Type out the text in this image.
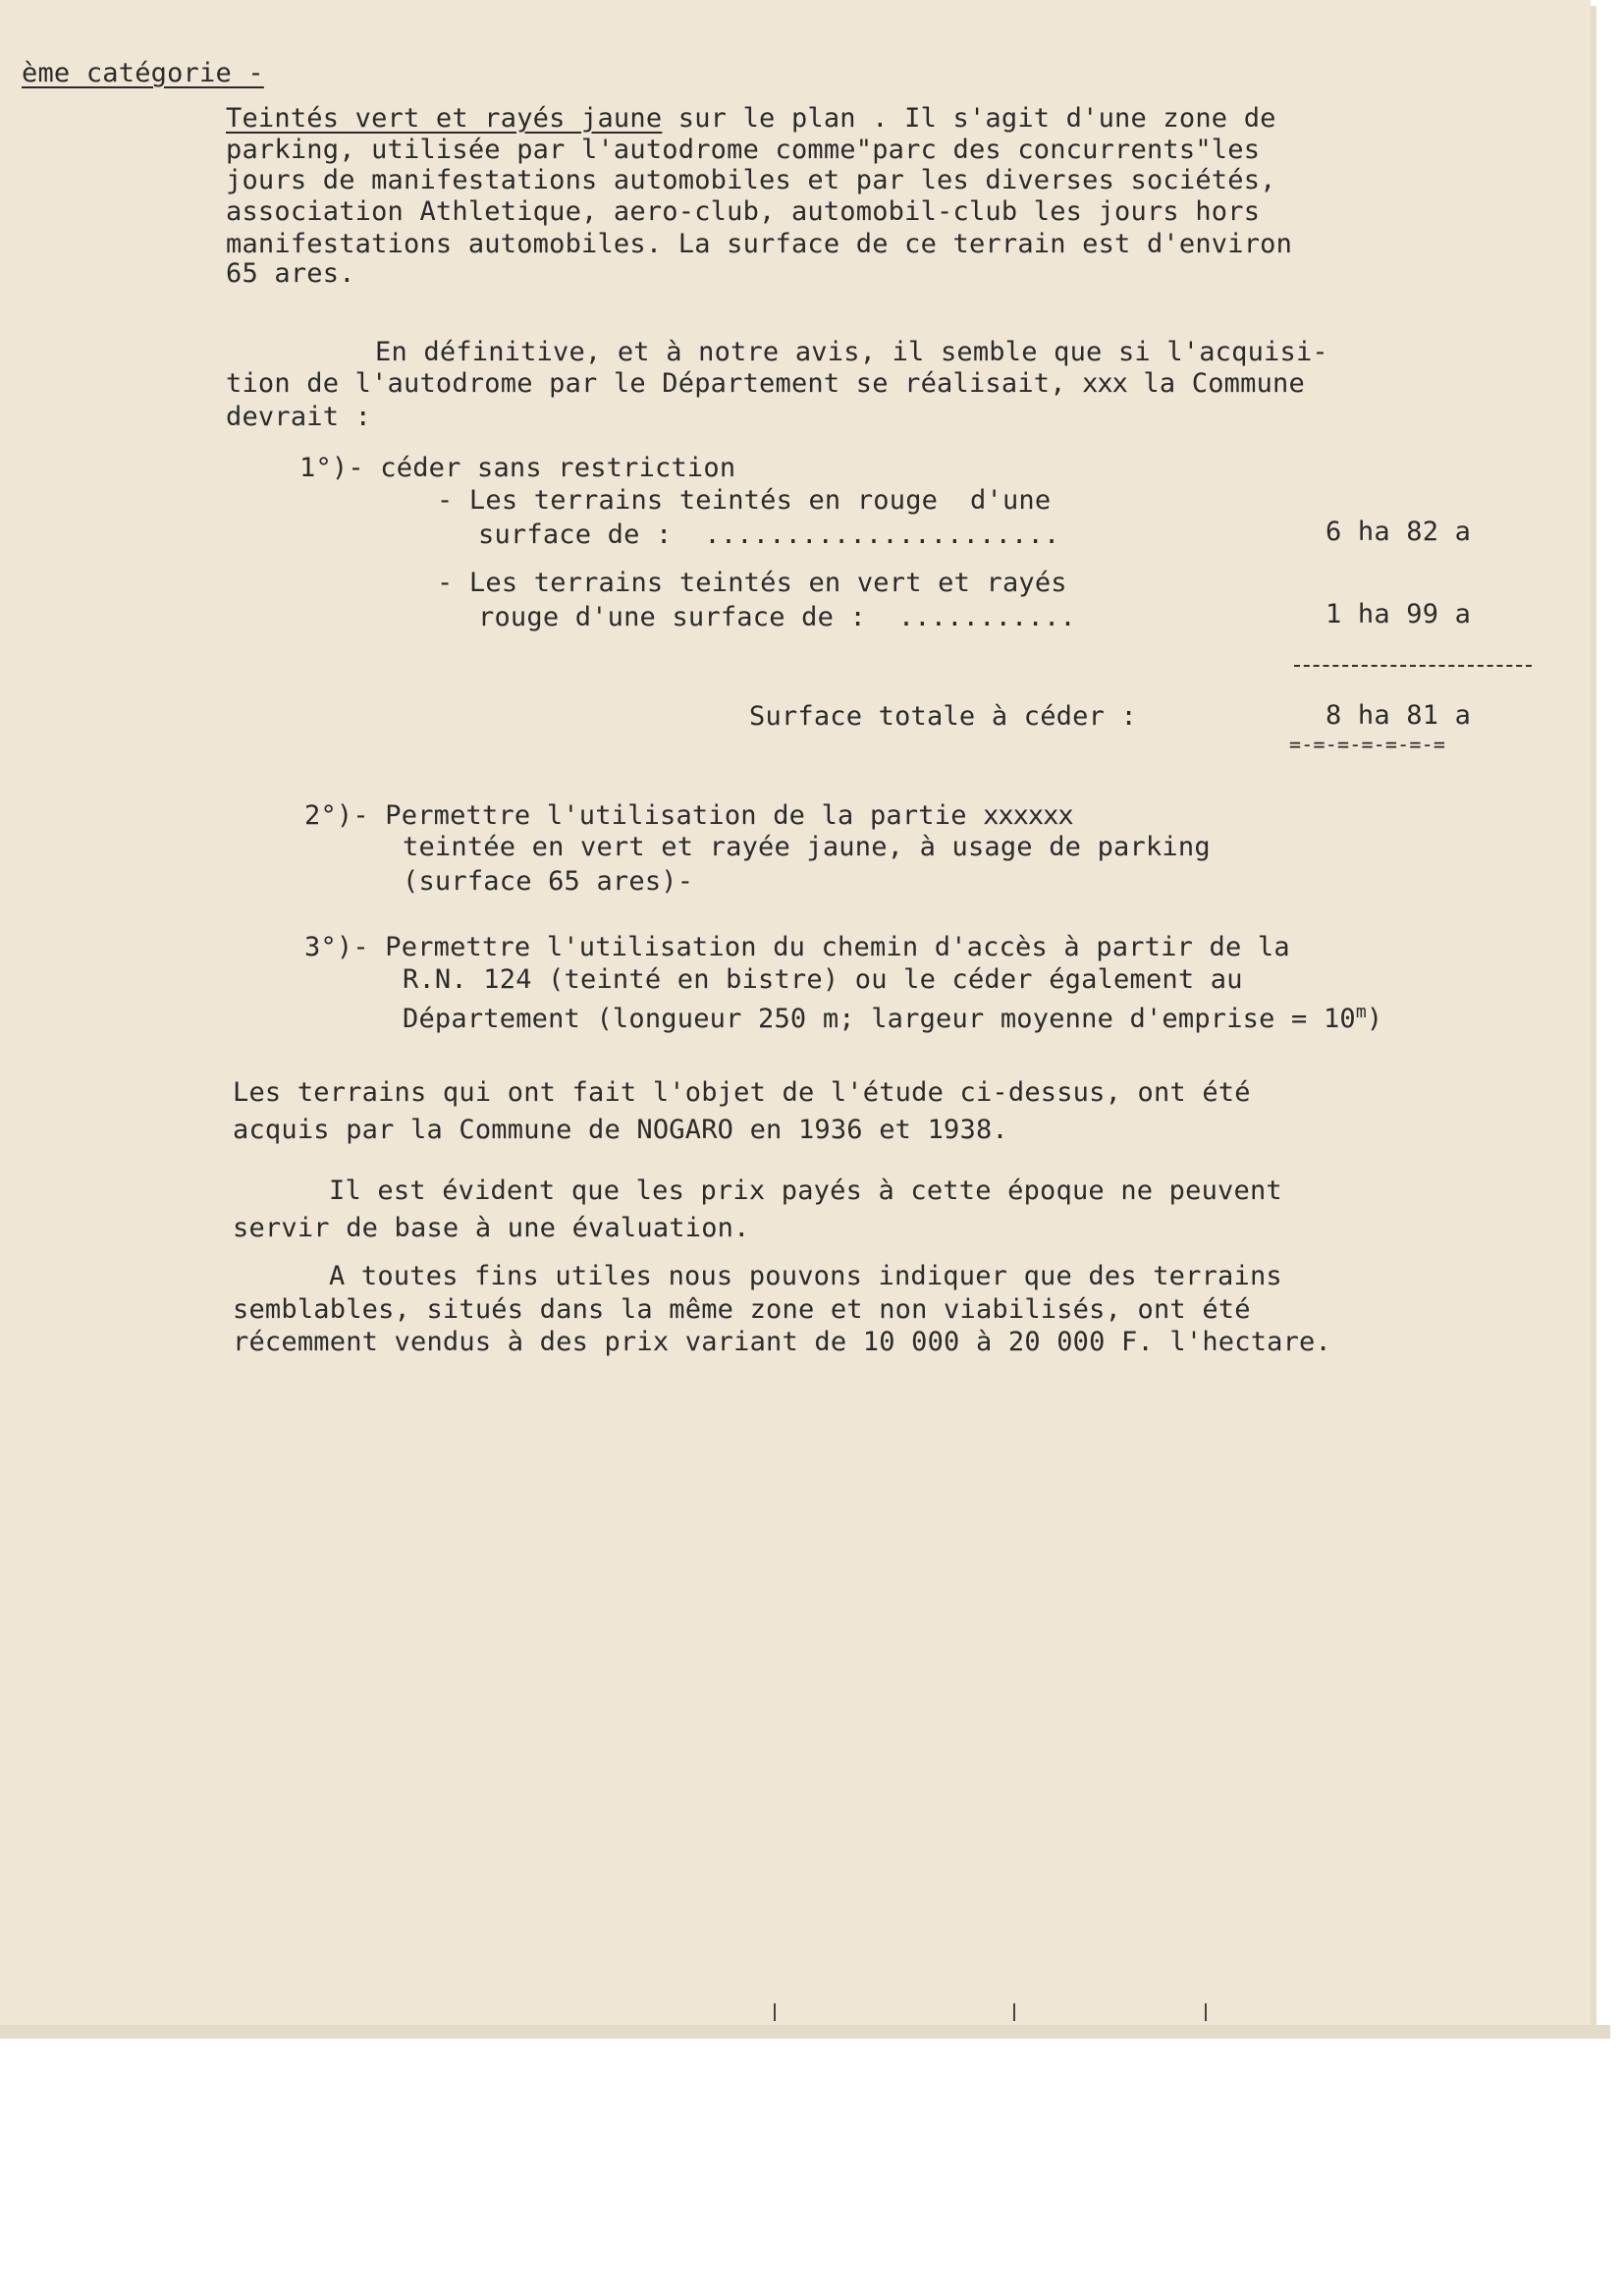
ème catégorie -
Teintés vert et rayés jaune sur le plan . Il s'agit d'une zone de
parking, utilisée par l'autodrome comme"parc des concurrents"les
jours de manifestations automobiles et par les diverses sociétés,
association Athletique, aero-club, automobil-club les jours hors
manifestations automobiles. La surface de ce terrain est d'environ
65 ares.
En définitive, et à notre avis, il semble que si l'acquisi-
tion de l'autodrome par le Département se réalisait, xxx la Commune
devrait :
1°)- céder sans restriction
- Les terrains teintés en rouge  d'une
surface de :  ......................	6 ha 82 a
- Les terrains teintés en vert et rayés
rouge d'une surface de :  ...........	1 ha 99 a
Surface totale à céder :	8 ha 81 a
=-=-=-=-=-=-=
2°)- Permettre l'utilisation de la partie xxxxxx
teintée en vert et rayée jaune, à usage de parking
(surface 65 ares)-
3°)- Permettre l'utilisation du chemin d'accès à partir de la
R.N. 124 (teinté en bistre) ou le céder également au
Département (longueur 250 m; largeur moyenne d'emprise = $10^m$)
Les terrains qui ont fait l'objet de l'étude ci-dessus, ont été
acquis par la Commune de NOGARO en 1936 et 1938.
Il est évident que les prix payés à cette époque ne peuvent
servir de base à une évaluation.
A toutes fins utiles nous pouvons indiquer que des terrains
semblables, situés dans la même zone et non viabilisés, ont été
récemment vendus à des prix variant de 10 000 à 20 000 F. l'hectare.
